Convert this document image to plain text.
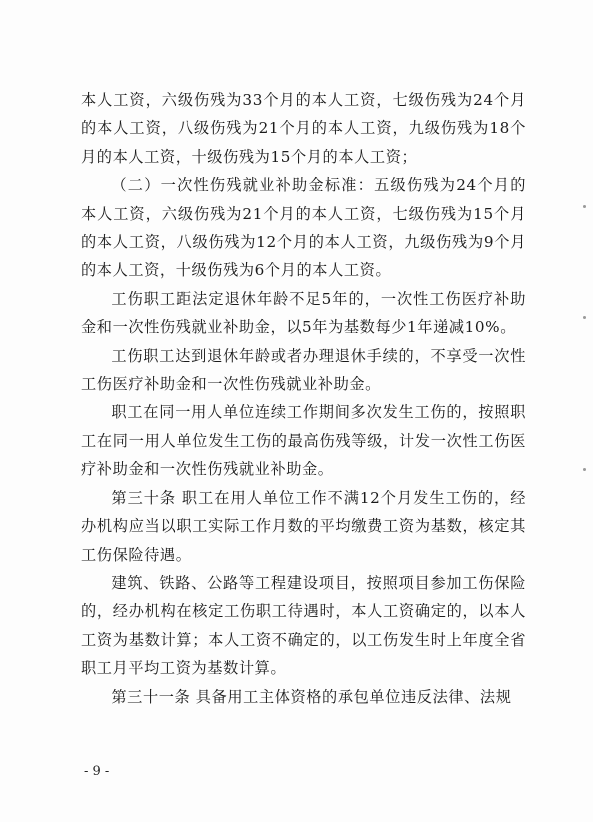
本人工资，六级伤残为33个月的本人工资，七级伤残为24个月的本人工资，八级伤残为21个月的本人工资，九级伤残为18个月的本人工资，十级伤残为15个月的本人工资；

（二）一次性伤残就业补助金标准：五级伤残为24个月的本人工资，六级伤残为21个月的本人工资，七级伤残为15个月的本人工资，八级伤残为12个月的本人工资，九级伤残为9个月的本人工资，十级伤残为6个月的本人工资。

工伤职工距法定退休年龄不足5年的，一次性工伤医疗补助金和一次性伤残就业补助金，以5年为基数每少1年递减10%。

工伤职工达到退休年龄或者办理退休手续的，不享受一次性工伤医疗补助金和一次性伤残就业补助金。

职工在同一用人单位连续工作期间多次发生工伤的，按照职工在同一用人单位发生工伤的最高伤残等级，计发一次性工伤医疗补助金和一次性伤残就业补助金。

第三十条 职工在用人单位工作不满12个月发生工伤的，经办机构应当以职工实际工作月数的平均缴费工资为基数，核定其工伤保险待遇。

建筑、铁路、公路等工程建设项目，按照项目参加工伤保险的，经办机构在核定工伤职工待遇时，本人工资确定的，以本人工资为基数计算；本人工资不确定的，以工伤发生时上年度全省职工月平均工资为基数计算。

第三十一条 具备用工主体资格的承包单位违反法律、法规

- 9 -
